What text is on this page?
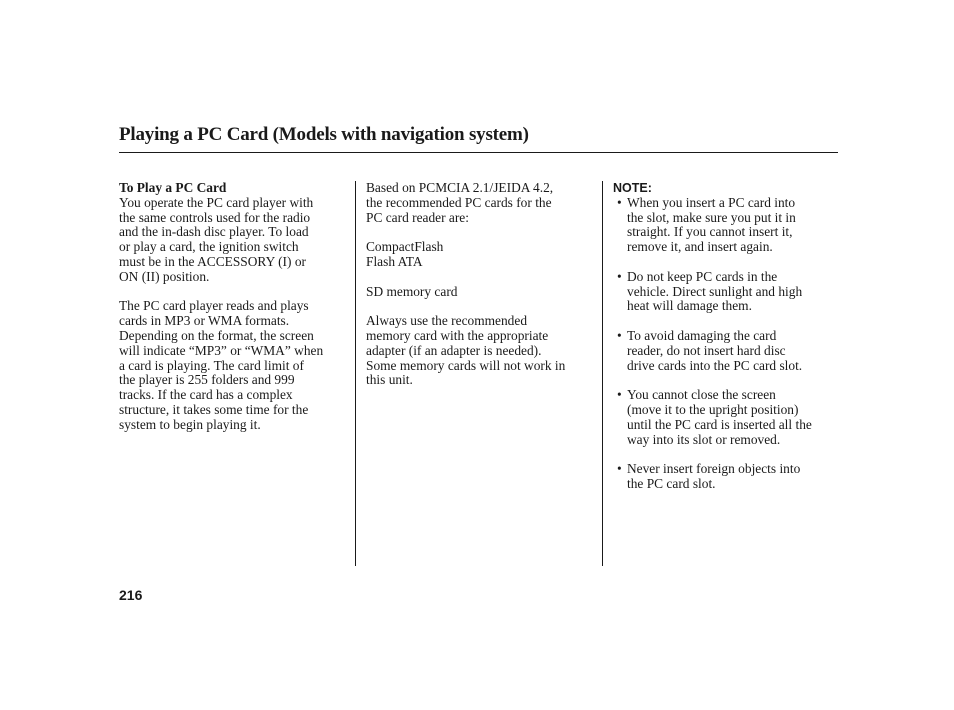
Playing a PC Card (Models with navigation system)

To Play a PC Card

You operate the PC card player with
the same controls used for the radio
and the in-dash disc player. To load
or play a card, the ignition switch
must be in the ACCESSORY (I) or
ON (II) position.

The PC card player reads and plays
cards in MP3 or WMA formats.
Depending on the format, the screen
will indicate “MP3” or “WMA” when
a card is playing. The card limit of
the player is 255 folders and 999
tracks. If the card has a complex
structure, it takes some time for the
system to begin playing it.

Based on PCMCIA 2.1/JEIDA 4.2,
the recommended PC cards for the
PC card reader are:

CompactFlash
Flash ATA

SD memory card

Always use the recommended
memory card with the appropriate
adapter (if an adapter is needed).
Some memory cards will not work in
this unit.

NOTE:

• When you insert a PC card into
the slot, make sure you put it in
straight. If you cannot insert it,
remove it, and insert again.

• Do not keep PC cards in the
vehicle. Direct sunlight and high
heat will damage them.

• To avoid damaging the card
reader, do not insert hard disc
drive cards into the PC card slot.

• You cannot close the screen
(move it to the upright position)
until the PC card is inserted all the
way into its slot or removed.

• Never insert foreign objects into
the PC card slot.

216
